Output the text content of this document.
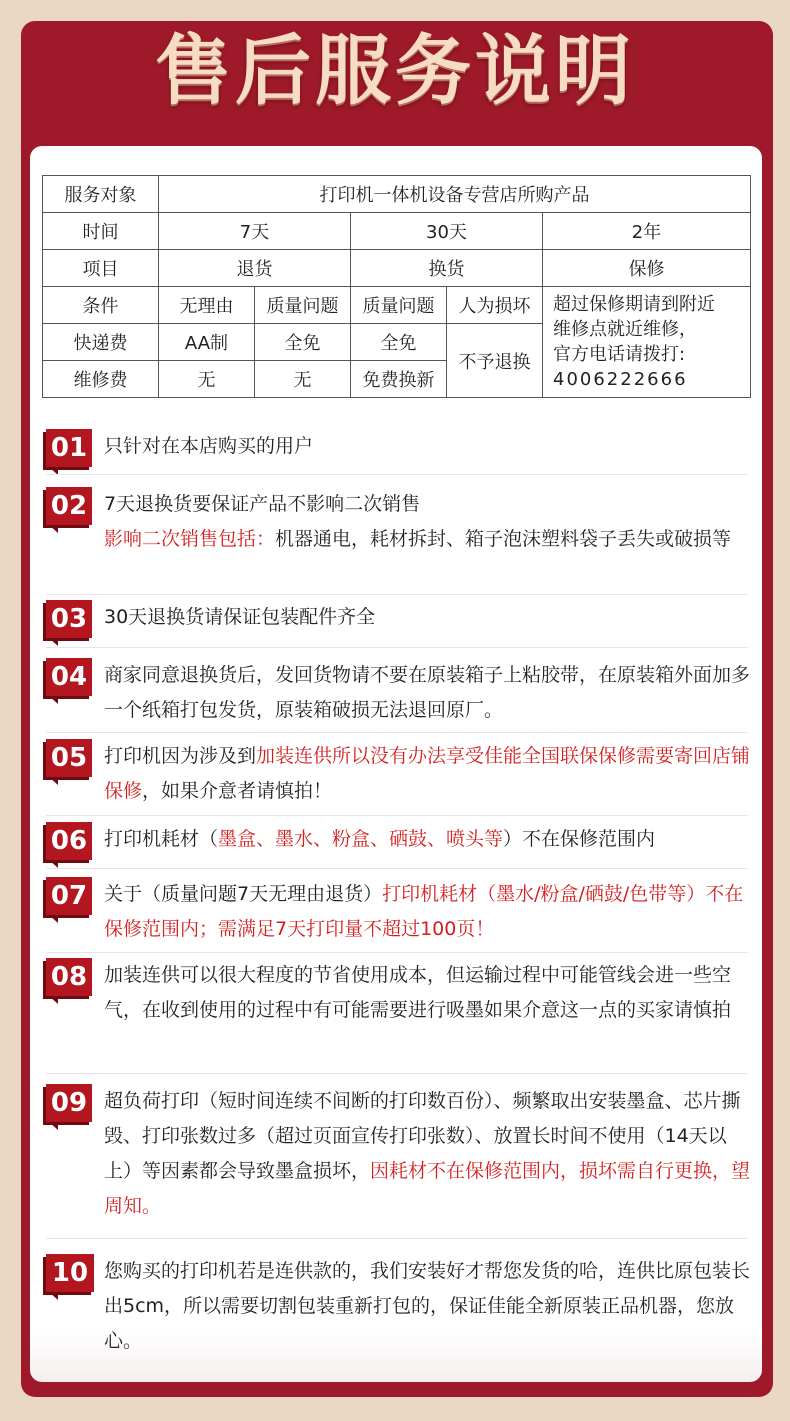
售后服务说明
服务对象	打印机一体机设备专营店所购产品				
时间	7天		30天		2年
项目	退货		换货		保修
条件	无理由	质量问题	质量问题	人为损坏	超过保修期请到附近
维修点就近维修，
官方电话请拨打:
4006222666
快递费	AA制	全免	全免	不予退换	
维修费	无	无	免费换新		
01 只针对在本店购买的用户
02 7天退换货要保证产品不影响二次销售
影响二次销售包括：机器通电，耗材拆封、箱子泡沫塑料袋子丢失或破损等
03 30天退换货请保证包装配件齐全
04 商家同意退换货后，发回货物请不要在原装箱子上粘胶带，在原装箱外面加多一个纸箱打包发货，原装箱破损无法退回原厂。
05 打印机因为涉及到加装连供所以没有办法享受佳能全国联保保修需要寄回店铺保修，如果介意者请慎拍！
06 打印机耗材（墨盒、墨水、粉盒、硒鼓、喷头等）不在保修范围内
07 关于（质量问题7天无理由退货）打印机耗材（墨水/粉盒/硒鼓/色带等）不在保修范围内；需满足7天打印量不超过100页！
08 加装连供可以很大程度的节省使用成本，但运输过程中可能管线会进一些空气，在收到使用的过程中有可能需要进行吸墨如果介意这一点的买家请慎拍
09 超负荷打印（短时间连续不间断的打印数百份）、频繁取出安装墨盒、芯片撕毁、打印张数过多（超过页面宣传打印张数）、放置长时间不使用（14天以上）等因素都会导致墨盒损坏，因耗材不在保修范围内，损坏需自行更换，望周知。
10 您购买的打印机若是连供款的，我们安装好才帮您发货的哈，连供比原包装长出5cm，所以需要切割包装重新打包的，保证佳能全新原装正品机器，您放心。
